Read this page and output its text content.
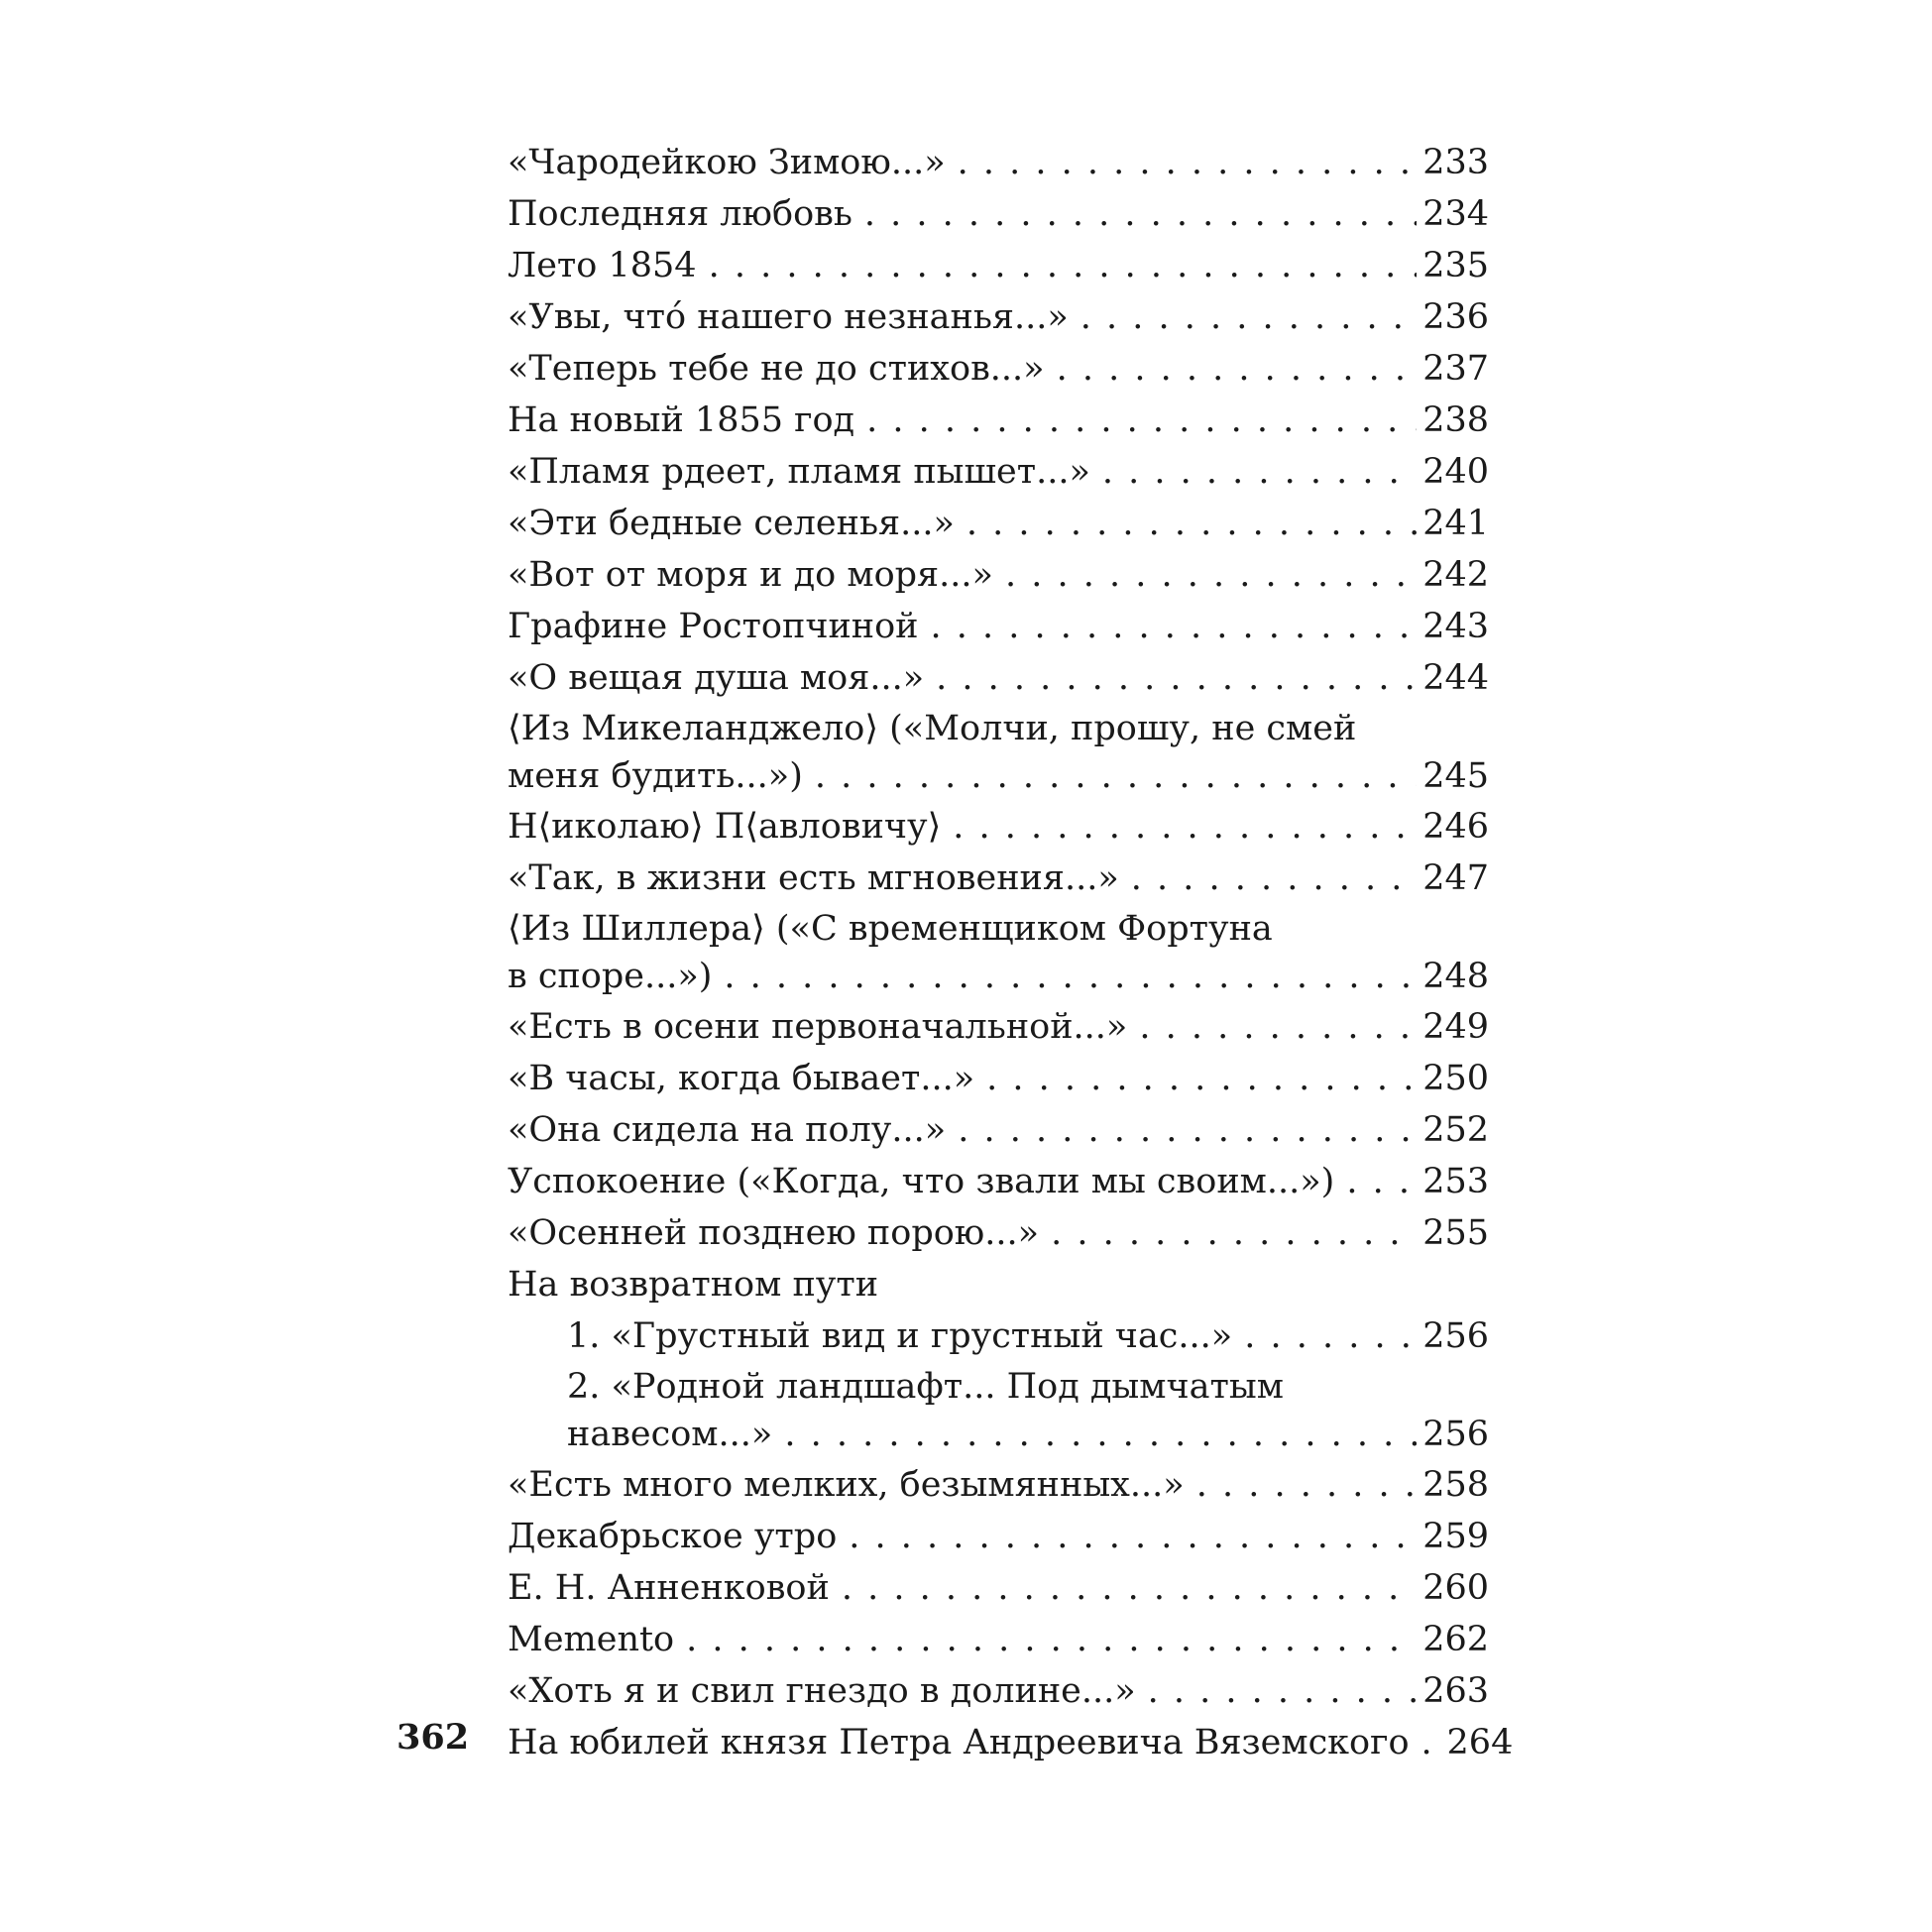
«Чародейкою Зимою...» . . .	233
Последняя любовь . . .	234
Лето 1854 . . .	235
«Увы, что́ нашего незнанья...» . . .	236
«Теперь тебе не до стихов...» . . .	237
На новый 1855 год . . .	238
«Пламя рдеет, пламя пышет...» . . .	240
«Эти бедные селенья...» . . .	241
«Вот от моря и до моря...» . . .	242
Графине Ростопчиной . . .	243
«О вещая душа моя...» . . .	244
⟨Из Микеланджело⟩ («Молчи, прошу, не смей
меня будить...») . . .	245
Н⟨иколаю⟩ П⟨авловичу⟩ . . .	246
«Так, в жизни есть мгновения...» . . .	247
⟨Из Шиллера⟩ («С временщиком Фортуна
в споре...») . . .	248
«Есть в осени первоначальной...» . . .	249
«В часы, когда бывает...» . . .	250
«Она сидела на полу...» . . .	252
Успокоение («Когда, что звали мы своим...») . . .	253
«Осенней позднею порою...» . . .	255
На возвратном пути
1. «Грустный вид и грустный час...» . . .	256
2. «Родной ландшафт... Под дымчатым
навесом...» . . .	256
«Есть много мелких, безымянных...» . . .	258
Декабрьское утро . . .	259
Е. Н. Анненковой . . .	260
Memento . . .	262
«Хоть я и свил гнездо в долине...» . . .	263
На юбилей князя Петра Андреевича Вяземского . . . 264
362
